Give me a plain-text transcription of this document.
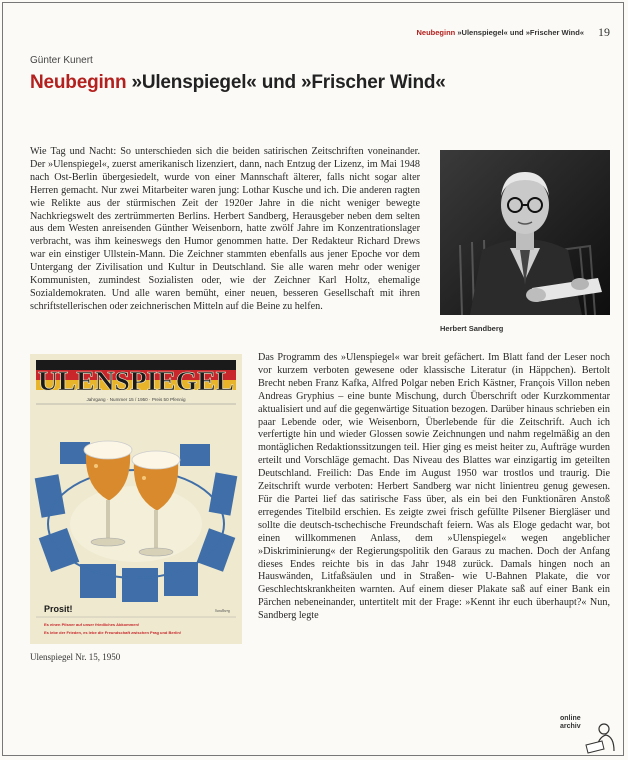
Neubeginn »Ulenspiegel« und »Frischer Wind« 19
Günter Kunert
Neubeginn »Ulenspiegel« und »Frischer Wind«
Wie Tag und Nacht: So unterschieden sich die beiden satirischen Zeitschriften voneinander. Der »Ulenspiegel«, zuerst amerikanisch lizenziert, dann, nach Entzug der Lizenz, im Mai 1948 nach Ost-Berlin übergesiedelt, wurde von einer Mannschaft älterer, falls nicht sogar alter Herren gemacht. Nur zwei Mitarbeiter waren jung: Lothar Kusche und ich. Die anderen ragten wie Relikte aus der stürmischen Zeit der 1920er Jahre in die nicht weniger bewegte Nachkriegswelt des zertrümmerten Berlins. Herbert Sandberg, Herausgeber neben dem selten aus dem Westen anreisenden Günther Weisenborn, hatte zwölf Jahre im Konzentrationslager verbracht, was ihm keineswegs den Humor genommen hatte. Der Redakteur Richard Drews war ein einstiger Ullstein-Mann. Die Zeichner stammten ebenfalls aus jener Epoche vor dem Untergang der Zivilisation und Kultur in Deutschland. Sie alle waren mehr oder weniger Kommunisten, zumindest Sozialisten oder, wie der Zeichner Karl Holtz, ehemalige Sozialdemokraten. Und alle waren bemüht, einer neuen, besseren Gesellschaft mit ihren schriftstellerischen oder zeichnerischen Mitteln auf die Beine zu helfen.
Herbert Sandberg
ULENSPIEGEL
Jahrgang · Nummer 15 / 1950 · Preis 50 Pfennig
Prosit!
Es einen Pilsner auf unser friedliches Abkommen!
Es lebe der Frieden, es lebe die Freundschaft zwischen Prag und Berlin!
Sandberg
Ulenspiegel Nr. 15, 1950
Das Programm des »Ulenspiegel« war breit gefächert. Im Blatt fand der Leser noch vor kurzem verboten gewesene oder klassische Literatur (in Häppchen). Bertolt Brecht neben Franz Kafka, Alfred Polgar neben Erich Kästner, François Villon neben Andreas Gryphius – eine bunte Mischung, durch Überschrift oder Kurzkommentar aktualisiert und auf die gegenwärtige Situation bezogen. Darüber hinaus schrieben ein paar Lebende oder, wie Weisenborn, Überlebende für die Zeitschrift. Auch ich verfertigte hin und wieder Glossen sowie Zeichnungen und nahm regelmäßig an den montäglichen Redaktionssitzungen teil. Hier ging es meist heiter zu, Aufträge wurden erteilt und Vorschläge gemacht. Das Niveau des Blattes war einzigartig im geteilten Deutschland. Freilich: Das Ende im August 1950 war trostlos und traurig. Die Zeitschrift wurde verboten: Herbert Sandberg war nicht linientreu genug gewesen. Für die Partei lief das satirische Fass über, als ein bei den Funktionären Anstoß erregendes Titelbild erschien. Es zeigte zwei frisch gefüllte Pilsener Biergläser und sollte die deutsch-tschechische Freundschaft feiern. Was als Eloge gedacht war, bot einen willkommenen Anlass, dem »Ulenspiegel« wegen angeblicher »Diskriminierung« der Regierungspolitik den Garaus zu machen. Doch der Anfang dieses Endes reichte bis in das Jahr 1948 zurück. Damals hingen noch an Hauswänden, Litfaßsäulen und in Straßen- wie U-Bahnen Plakate, die vor Geschlechtskrankheiten warnten. Auf einem dieser Plakate saß auf einer Bank ein Pärchen nebeneinander, untertitelt mit der Frage: »Kennt ihr euch überhaupt?« Nun, Sandberg legte
online
archiv
